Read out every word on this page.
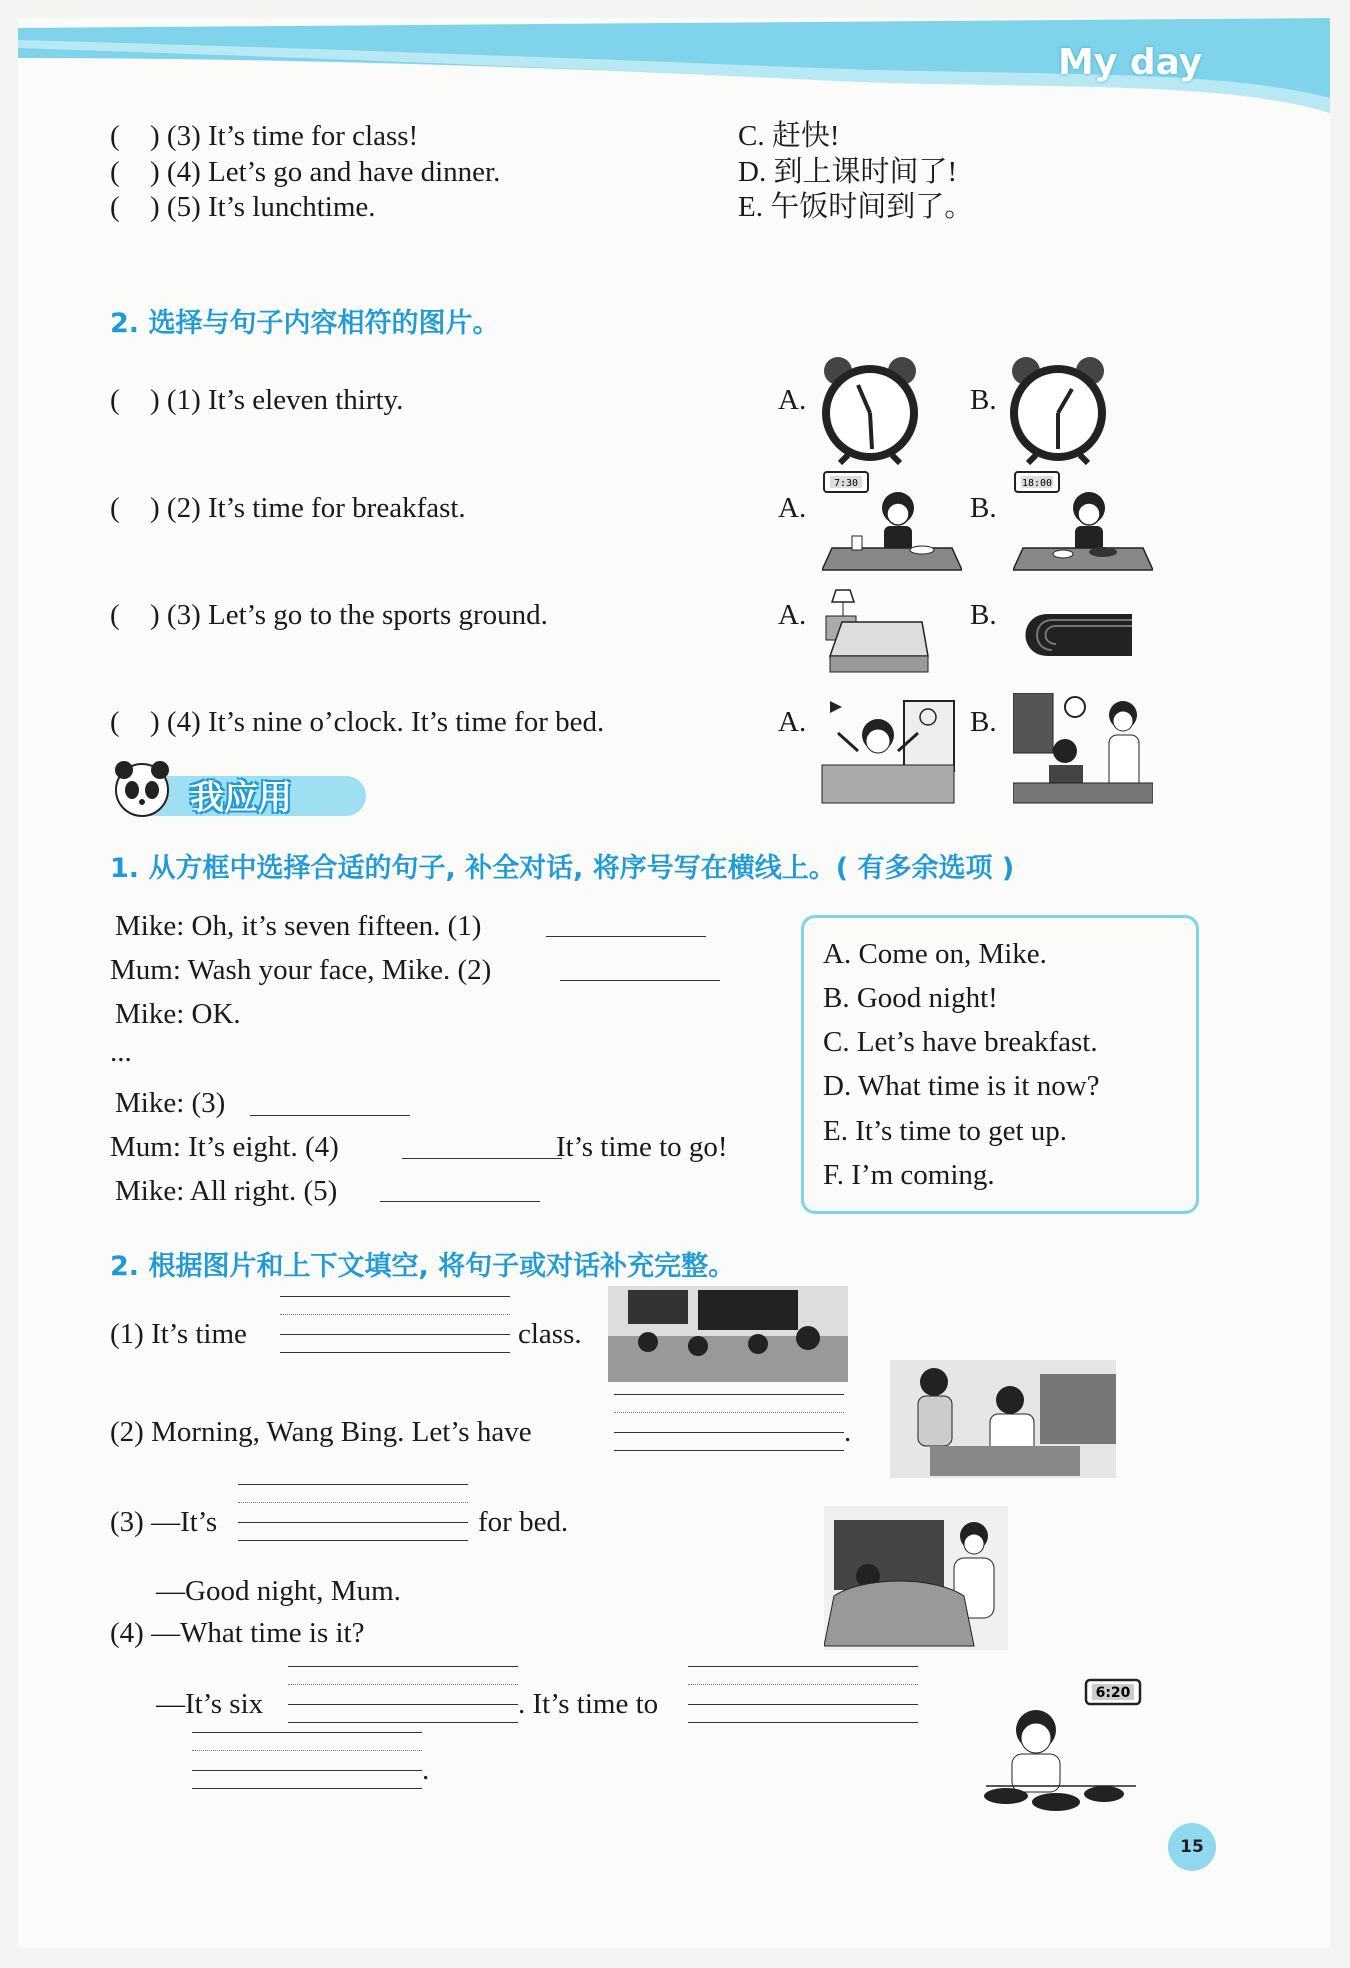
My day
( ) (3) It’s time for class!
( ) (4) Let’s go and have dinner.
( ) (5) It’s lunchtime.
C. 赶快!
D. 到上课时间了!
E. 午饭时间到了。
2. 选择与句子内容相符的图片。
( ) (1) It’s eleven thirty.	A.	B.
( ) (2) It’s time for breakfast.	A.	B.
7:30	18:00
( ) (3) Let’s go to the sports ground.	A.	B.
( ) (4) It’s nine o’clock. It’s time for bed.	A.	B.
我应用
1. 从方框中选择合适的句子, 补全对话, 将序号写在横线上。( 有多余选项 )
Mike: Oh, it’s seven fifteen. (1)
Mum: Wash your face, Mike. (2)
Mike: OK.
...
Mike: (3)
Mum: It’s eight. (4)	It’s time to go!
Mike: All right. (5)
A. Come on, Mike.
B. Good night!
C. Let’s have breakfast.
D. What time is it now?
E. It’s time to get up.
F. I’m coming.
2. 根据图片和上下文填空, 将句子或对话补充完整。
(1) It’s time	class.
(2) Morning, Wang Bing. Let’s have	.
(3) —It’s	for bed.
—Good night, Mum.
(4) —What time is it?
—It’s six	. It’s time to
.
6:20
15
